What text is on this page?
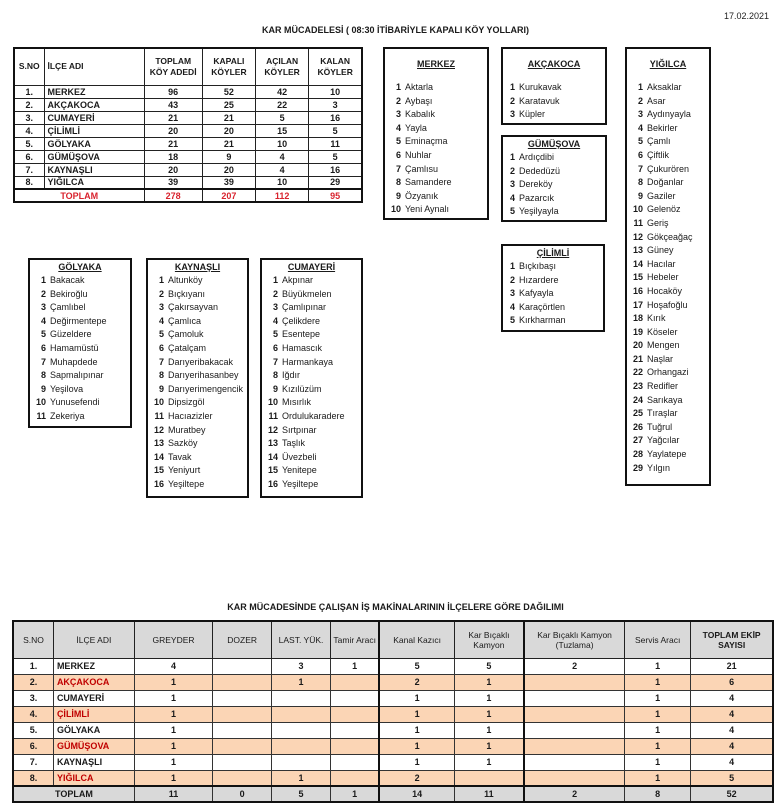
17.02.2021
KAR MÜCADELESİ ( 08:30 İTİBARİYLE KAPALI KÖY YOLLARI)
S.NO	İLÇE ADI	TOPLAM KÖY ADEDİ	KAPALI KÖYLER	AÇILAN KÖYLER	KALAN KÖYLER
1.	MERKEZ	96	52	42	10
2.	AKÇAKOCA	43	25	22	3
3.	CUMAYERİ	21	21	5	16
4.	ÇİLİMLİ	20	20	15	5
5.	GÖLYAKA	21	21	10	11
6.	GÜMÜŞOVA	18	9	4	5
7.	KAYNAŞLI	20	20	4	16
8.	YIĞILCA	39	39	10	29
TOPLAM		278	207	112	95
MERKEZ
1 Aktarla
2 Aybaşı
3 Kabalık
4 Yayla
5 Eminaçma
6 Nuhlar
7 Çamlısu
8 Samandere
9 Özyanık
10 Yeni Aynalı
AKÇAKOCA
1 Kurukavak
2 Karatavuk
3 Küpler
GÜMÜŞOVA
1 Ardıçdibi
2 Dededüzü
3 Dereköy
4 Pazarcık
5 Yeşilyayla
ÇİLİMLİ
1 Bıçkıbaşı
2 Hızardere
3 Kafyayla
4 Karaçörtlen
5 Kırkharman
YIĞILCA
1 Aksaklar
2 Asar
3 Aydınyayla
4 Bekirler
5 Çamlı
6 Çiftlik
7 Çukurören
8 Doğanlar
9 Gaziler
10 Gelenöz
11 Geriş
12 Gökçeağaç
13 Güney
14 Hacılar
15 Hebeler
16 Hocaköy
17 Hoşafoğlu
18 Kırık
19 Köseler
20 Mengen
21 Naşlar
22 Orhangazi
23 Redifler
24 Sarıkaya
25 Tıraşlar
26 Tuğrul
27 Yağcılar
28 Yaylatepe
29 Yılgın
GÖLYAKA
1 Bakacak
2 Bekiroğlu
3 Çamlıbel
4 Değirmentepe
5 Güzeldere
6 Hamamüstü
7 Muhapdede
8 Sapmalıpınar
9 Yeşilova
10 Yunusefendi
11 Zekeriya
KAYNAŞLI
1 Altunköy
2 Bıçkıyanı
3 Çakırsayvan
4 Çamlıca
5 Çamoluk
6 Çatalçam
7 Darıyeribakacak
8 Darıyerihasanbey
9 Darıyerimengencik
10 Dipsizgöl
11 Hacıazizler
12 Muratbey
13 Sazköy
14 Tavak
15 Yeniyurt
16 Yeşiltepe
CUMAYERİ
1 Akpınar
2 Büyükmelen
3 Çamlıpınar
4 Çelikdere
5 Esentepe
6 Hamascık
7 Harmankaya
8 Iğdır
9 Kızılüzüm
10 Mısırlık
11 Ordulukaradere
12 Sırtpınar
13 Taşlık
14 Üvezbeli
15 Yenitepe
16 Yeşiltepe
KAR MÜCADESİNDE ÇALIŞAN İŞ MAKİNALARININ İLÇELERE GÖRE DAĞILIMI
S.NO	İLÇE ADI	GREYDER	DOZER	LAST. YÜK.	Tamir Aracı	Kanal Kazıcı	Kar Bıçaklı Kamyon	Kar Bıçaklı Kamyon (Tuzlama)	Servis Aracı	TOPLAM EKİP SAYISI
1.	MERKEZ	4		3	1	5	5	2	1	21
2.	AKÇAKOCA	1		1		2	1		1	6
3.	CUMAYERİ	1				1	1		1	4
4.	ÇİLİMLİ	1				1	1		1	4
5.	GÖLYAKA	1				1	1		1	4
6.	GÜMÜŞOVA	1				1	1		1	4
7.	KAYNAŞLI	1				1	1		1	4
8.	YIĞILCA	1		1		2			1	5
TOPLAM		11	0	5	1	14	11	2	8	52
